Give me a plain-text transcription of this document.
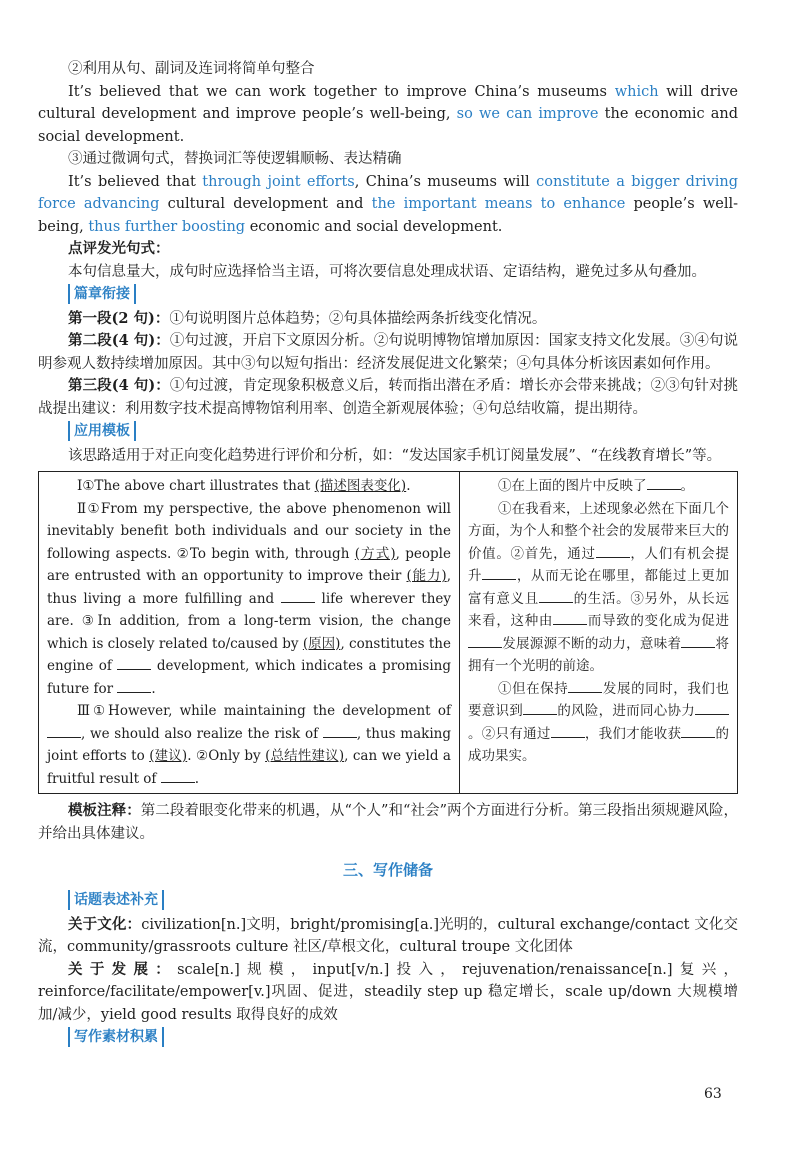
②利用从句、副词及连词将简单句整合

It’s believed that we can work together to improve China’s museums which will drive cultural development and improve people’s well-being, so we can improve the economic and social development.

③通过微调句式，替换词汇等使逻辑顺畅、表达精确

It’s believed that through joint efforts, China’s museums will constitute a bigger driving force advancing cultural development and the important means to enhance people’s well-being, thus further boosting economic and social development.

点评发光句式：

本句信息量大，成句时应选择恰当主语，可将次要信息处理成状语、定语结构，避免过多从句叠加。

篇章衔接

第一段(2 句)：①句说明图片总体趋势；②句具体描绘两条折线变化情况。

第二段(4 句)：①句过渡，开启下文原因分析。②句说明博物馆增加原因：国家支持文化发展。③④句说明参观人数持续增加原因。其中③句以短句指出：经济发展促进文化繁荣；④句具体分析该因素如何作用。

第三段(4 句)：①句过渡，肯定现象积极意义后，转而指出潜在矛盾：增长亦会带来挑战；②③句针对挑战提出建议：利用数字技术提高博物馆利用率、创造全新观展体验；④句总结收篇，提出期待。

应用模板

该思路适用于对正向变化趋势进行评价和分析，如：“发达国家手机订阅量发展”、“在线教育增长”等。

Ⅰ①The above chart illustrates that (描述图表变化).

Ⅱ①From my perspective, the above phenomenon will inevitably benefit both individuals and our society in the following aspects. ②To begin with, through (方式), people are entrusted with an opportunity to improve their (能力), thus living a more fulfilling and	life wherever they are. ③In addition, from a long-term vision, the change which is closely related to/caused by (原因), constitutes the engine of	development, which indicates a promising future for	.

Ⅲ①However, while maintaining the development of , we should also realize the risk of	, thus making joint efforts to (建议). ②Only by (总结性建议), can we yield a fruitful result of	.

①在上面的图片中反映了	。

①在我看来，上述现象必然在下面几个方面，为个人和整个社会的发展带来巨大的价值。②首先，通过	，人们有机会提升	，从而无论在哪里，都能过上更加富有意义且	的生活。③另外，从长远来看，这种由	而导致的变化成为促进发展源源不断的动力，意味着	将拥有一个光明的前途。

①但在保持	发展的同时，我们也要意识到	的风险，进而同心协力。②只有通过	，我们才能收获	的成功果实。

模板注释：第二段着眼变化带来的机遇，从“个人”和“社会”两个方面进行分析。第三段指出须规避风险，并给出具体建议。

三、写作储备
话题表述补充

关于文化：civilization[n.]文明，bright/promising[a.]光明的，cultural exchange/contact 文化交流，community/grassroots culture 社区/草根文化，cultural troupe 文化团体

关于发展：scale[n.]规模，input[v/n.]投入，rejuvenation/renaissance[n.]复兴，reinforce/facilitate/empower[v.]巩固、促进，steadily step up 稳定增长，scale up/down 大规模增加/减少，yield good results 取得良好的成效

写作素材积累
63
